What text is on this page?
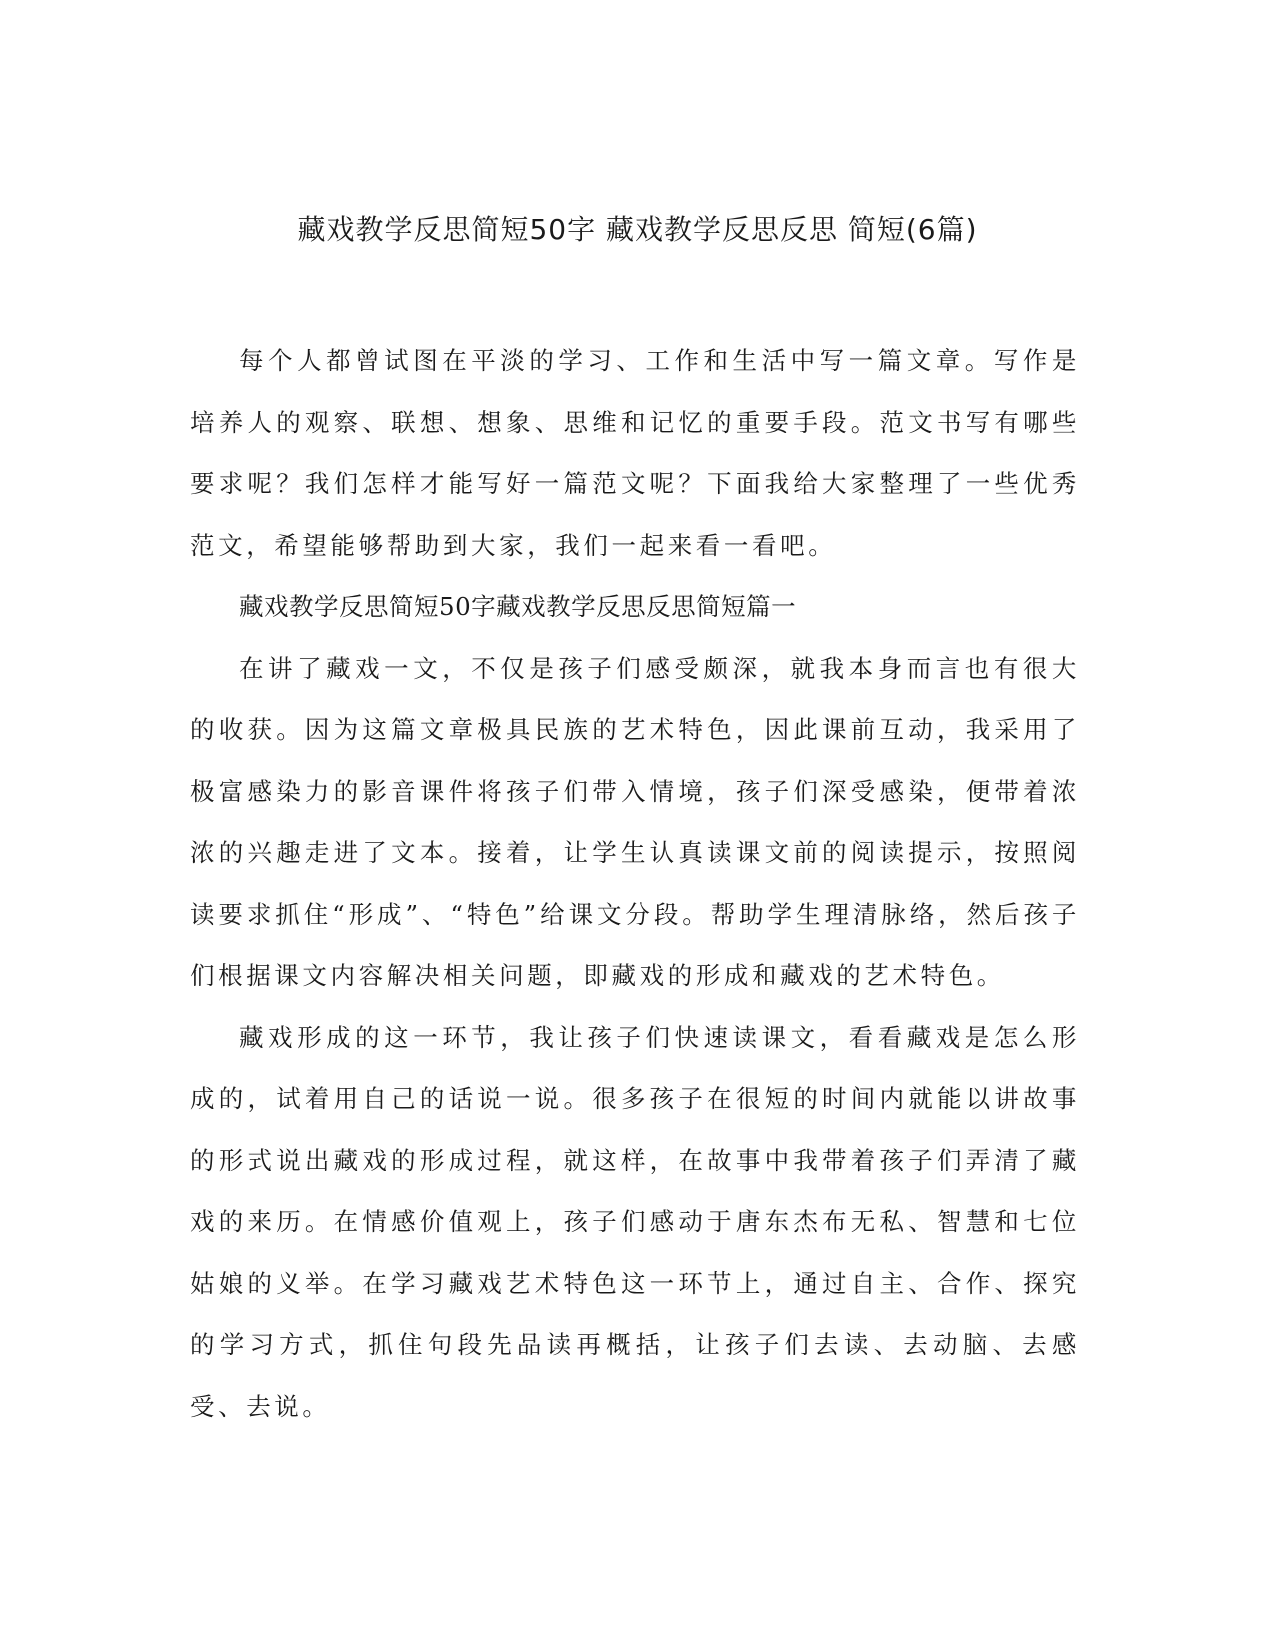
藏戏教学反思简短50字 藏戏教学反思反思 简短(6篇)

每个人都曾试图在平淡的学习、工作和生活中写一篇文章。写作是培养人的观察、联想、想象、思维和记忆的重要手段。范文书写有哪些要求呢？我们怎样才能写好一篇范文呢？下面我给大家整理了一些优秀范文，希望能够帮助到大家，我们一起来看一看吧。

藏戏教学反思简短50字藏戏教学反思反思简短篇一

在讲了藏戏一文，不仅是孩子们感受颇深，就我本身而言也有很大的收获。因为这篇文章极具民族的艺术特色，因此课前互动，我采用了极富感染力的影音课件将孩子们带入情境，孩子们深受感染，便带着浓浓的兴趣走进了文本。接着，让学生认真读课文前的阅读提示，按照阅读要求抓住“形成”、“特色”给课文分段。帮助学生理清脉络，然后孩子们根据课文内容解决相关问题，即藏戏的形成和藏戏的艺术特色。

藏戏形成的这一环节，我让孩子们快速读课文，看看藏戏是怎么形成的，试着用自己的话说一说。很多孩子在很短的时间内就能以讲故事的形式说出藏戏的形成过程，就这样，在故事中我带着孩子们弄清了藏戏的来历。在情感价值观上，孩子们感动于唐东杰布无私、智慧和七位姑娘的义举。在学习藏戏艺术特色这一环节上，通过自主、合作、探究的学习方式，抓住句段先品读再概括，让孩子们去读、去动脑、去感受、去说。
